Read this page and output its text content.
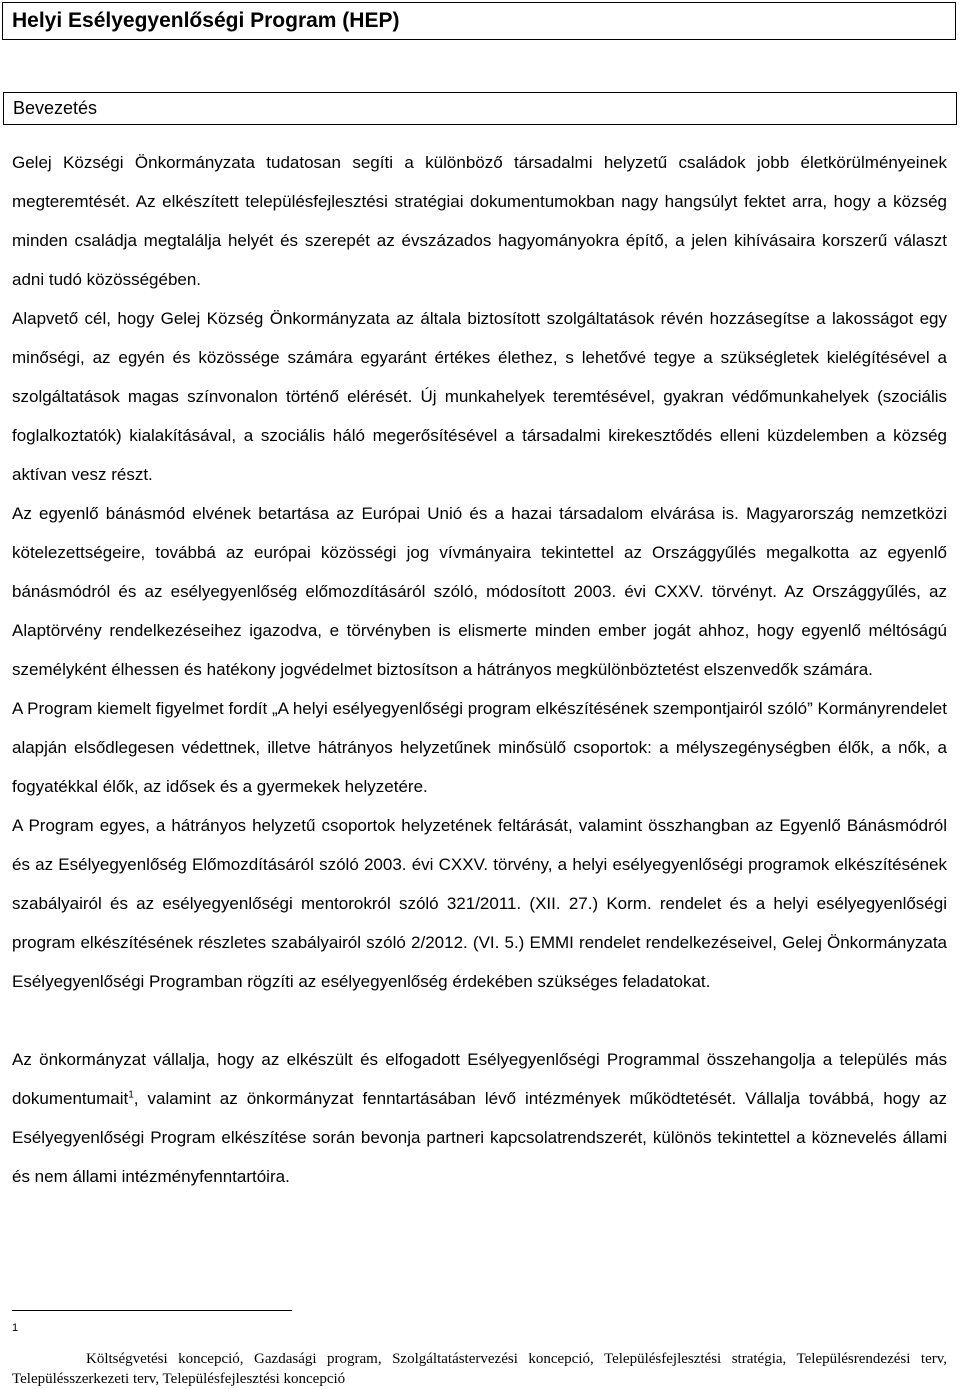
Helyi Esélyegyenlőségi Program (HEP)
Bevezetés

Gelej Községi Önkormányzata tudatosan segíti a különböző társadalmi helyzetű családok jobb életkörülményeinek megteremtését. Az elkészített településfejlesztési stratégiai dokumentumokban nagy hangsúlyt fektet arra, hogy a község minden családja megtalálja helyét és szerepét az évszázados hagyományokra építő, a jelen kihívásaira korszerű választ adni tudó közösségében.

Alapvető cél, hogy Gelej Község Önkormányzata az általa biztosított szolgáltatások révén hozzásegítse a lakosságot egy minőségi, az egyén és közössége számára egyaránt értékes élethez, s lehetővé tegye a szükségletek kielégítésével a szolgáltatások magas színvonalon történő elérését. Új munkahelyek teremtésével, gyakran védőmunkahelyek (szociális foglalkoztatók) kialakításával, a szociális háló megerősítésével a társadalmi kirekesztődés elleni küzdelemben a község aktívan vesz részt.

Az egyenlő bánásmód elvének betartása az Európai Unió és a hazai társadalom elvárása is. Magyarország nemzetközi kötelezettségeire, továbbá az európai közösségi jog vívmányaira tekintettel az Országgyűlés megalkotta az egyenlő bánásmódról és az esélyegyenlőség előmozdításáról szóló, módosított 2003. évi CXXV. törvényt. Az Országgyűlés, az Alaptörvény rendelkezéseihez igazodva, e törvényben is elismerte minden ember jogát ahhoz, hogy egyenlő méltóságú személyként élhessen és hatékony jogvédelmet biztosítson a hátrányos megkülönböztetést elszenvedők számára.

A Program kiemelt figyelmet fordít „A helyi esélyegyenlőségi program elkészítésének szempontjairól szóló” Kormányrendelet alapján elsődlegesen védettnek, illetve hátrányos helyzetűnek minősülő csoportok: a mélyszegénységben élők, a nők, a fogyatékkal élők, az idősek és a gyermekek helyzetére.

A Program egyes, a hátrányos helyzetű csoportok helyzetének feltárását, valamint összhangban az Egyenlő Bánásmódról és az Esélyegyenlőség Előmozdításáról szóló 2003. évi CXXV. törvény, a helyi esélyegyenlőségi programok elkészítésének szabályairól és az esélyegyenlőségi mentorokról szóló 321/2011. (XII. 27.) Korm. rendelet és a helyi esélyegyenlőségi program elkészítésének részletes szabályairól szóló 2/2012. (VI. 5.) EMMI rendelet rendelkezéseivel, Gelej Önkormányzata Esélyegyenlőségi Programban rögzíti az esélyegyenlőség érdekében szükséges feladatokat.

Az önkormányzat vállalja, hogy az elkészült és elfogadott Esélyegyenlőségi Programmal összehangolja a település más dokumentumait$^1$, valamint az önkormányzat fenntartásában lévő intézmények működtetését. Vállalja továbbá, hogy az Esélyegyenlőségi Program elkészítése során bevonja partneri kapcsolatrendszerét, különös tekintettel a köznevelés állami és nem állami intézményfenntartóira.

1
Költségvetési koncepció, Gazdasági program, Szolgáltatástervezési koncepció, Településfejlesztési stratégia, Településrendezési terv, Településszerkezeti terv, Településfejlesztési koncepció
